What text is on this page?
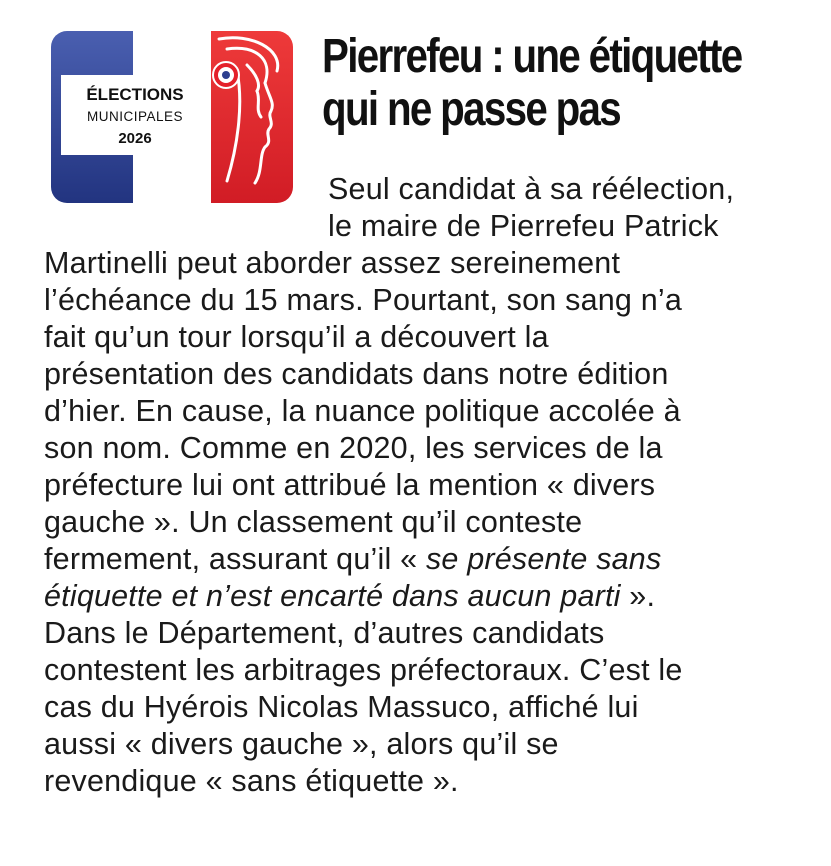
ÉLECTIONS
MUNICIPALES
2026
Pierrefeu : une étiquette
qui ne passe pas
Seul candidat à sa réélection,
le maire de Pierrefeu Patrick
Martinelli peut aborder assez sereinement
l’échéance du 15 mars. Pourtant, son sang n’a
fait qu’un tour lorsqu’il a découvert la
présentation des candidats dans notre édition
d’hier. En cause, la nuance politique accolée à
son nom. Comme en 2020, les services de la
préfecture lui ont attribué la mention « divers
gauche ». Un classement qu’il conteste
fermement, assurant qu’il « se présente sans
étiquette et n’est encarté dans aucun parti ».
Dans le Département, d’autres candidats
contestent les arbitrages préfectoraux. C’est le
cas du Hyérois Nicolas Massuco, affiché lui
aussi « divers gauche », alors qu’il se
revendique « sans étiquette ».
